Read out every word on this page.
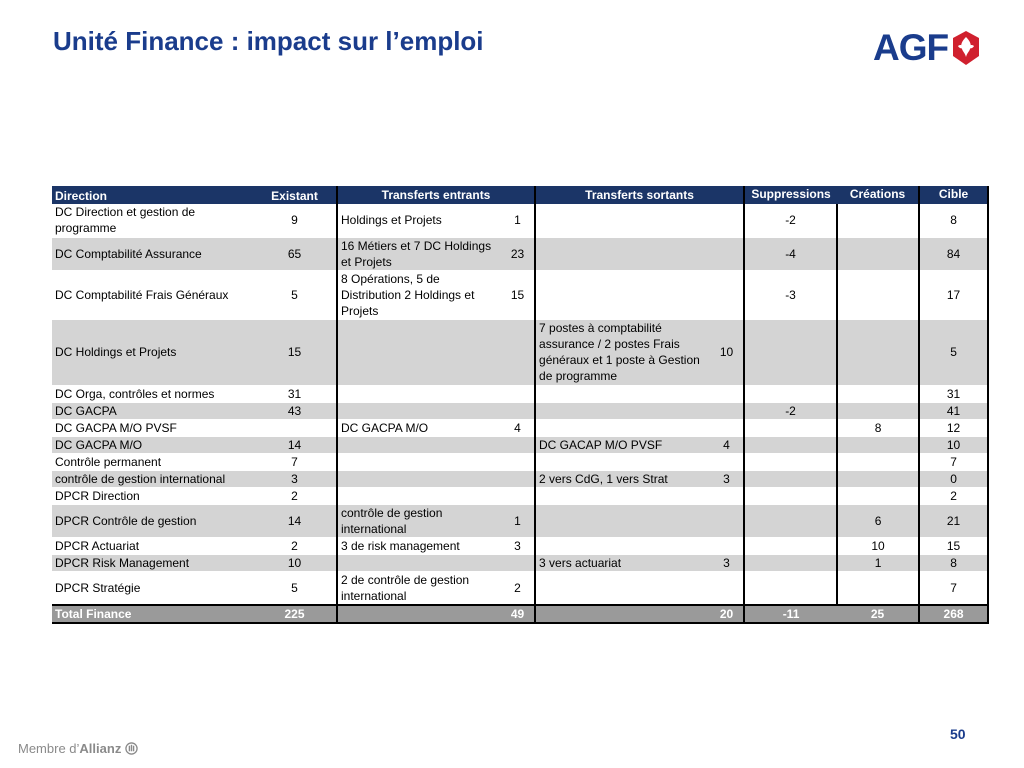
Unité Finance : impact sur l’emploi	AGF
Direction	Existant	Transferts entrants		Transferts sortants		Suppressions	Créations	Cible
DC Direction et gestion de programme	9	Holdings et Projets	1			-2		8
DC Comptabilité Assurance	65	16 Métiers et 7 DC Holdings et Projets	23			-4		84
DC Comptabilité Frais Généraux	5	8 Opérations, 5 de Distribution 2 Holdings et Projets	15			-3		17
DC Holdings et Projets	15			7 postes à comptabilité assurance / 2 postes Frais généraux et 1 poste à Gestion de programme	10			5
DC Orga, contrôles et normes	31							31
DC GACPA	43					-2		41
DC GACPA M/O PVSF		DC GACPA M/O	4				8	12
DC GACPA M/O	14			DC GACAP M/O PVSF	4			10
Contrôle permanent	7							7
contrôle de gestion international	3			2 vers CdG, 1 vers Strat	3			0
DPCR Direction	2							2
DPCR Contrôle de gestion	14	contrôle de gestion international	1				6	21
DPCR Actuariat	2	3 de risk management	3				10	15
DPCR Risk Management	10			3 vers actuariat	3		1	8
DPCR Stratégie	5	2 de contrôle de gestion international	2					7
Total Finance	225		49		20	-11	25	268
50
Membre d’ Allianz
